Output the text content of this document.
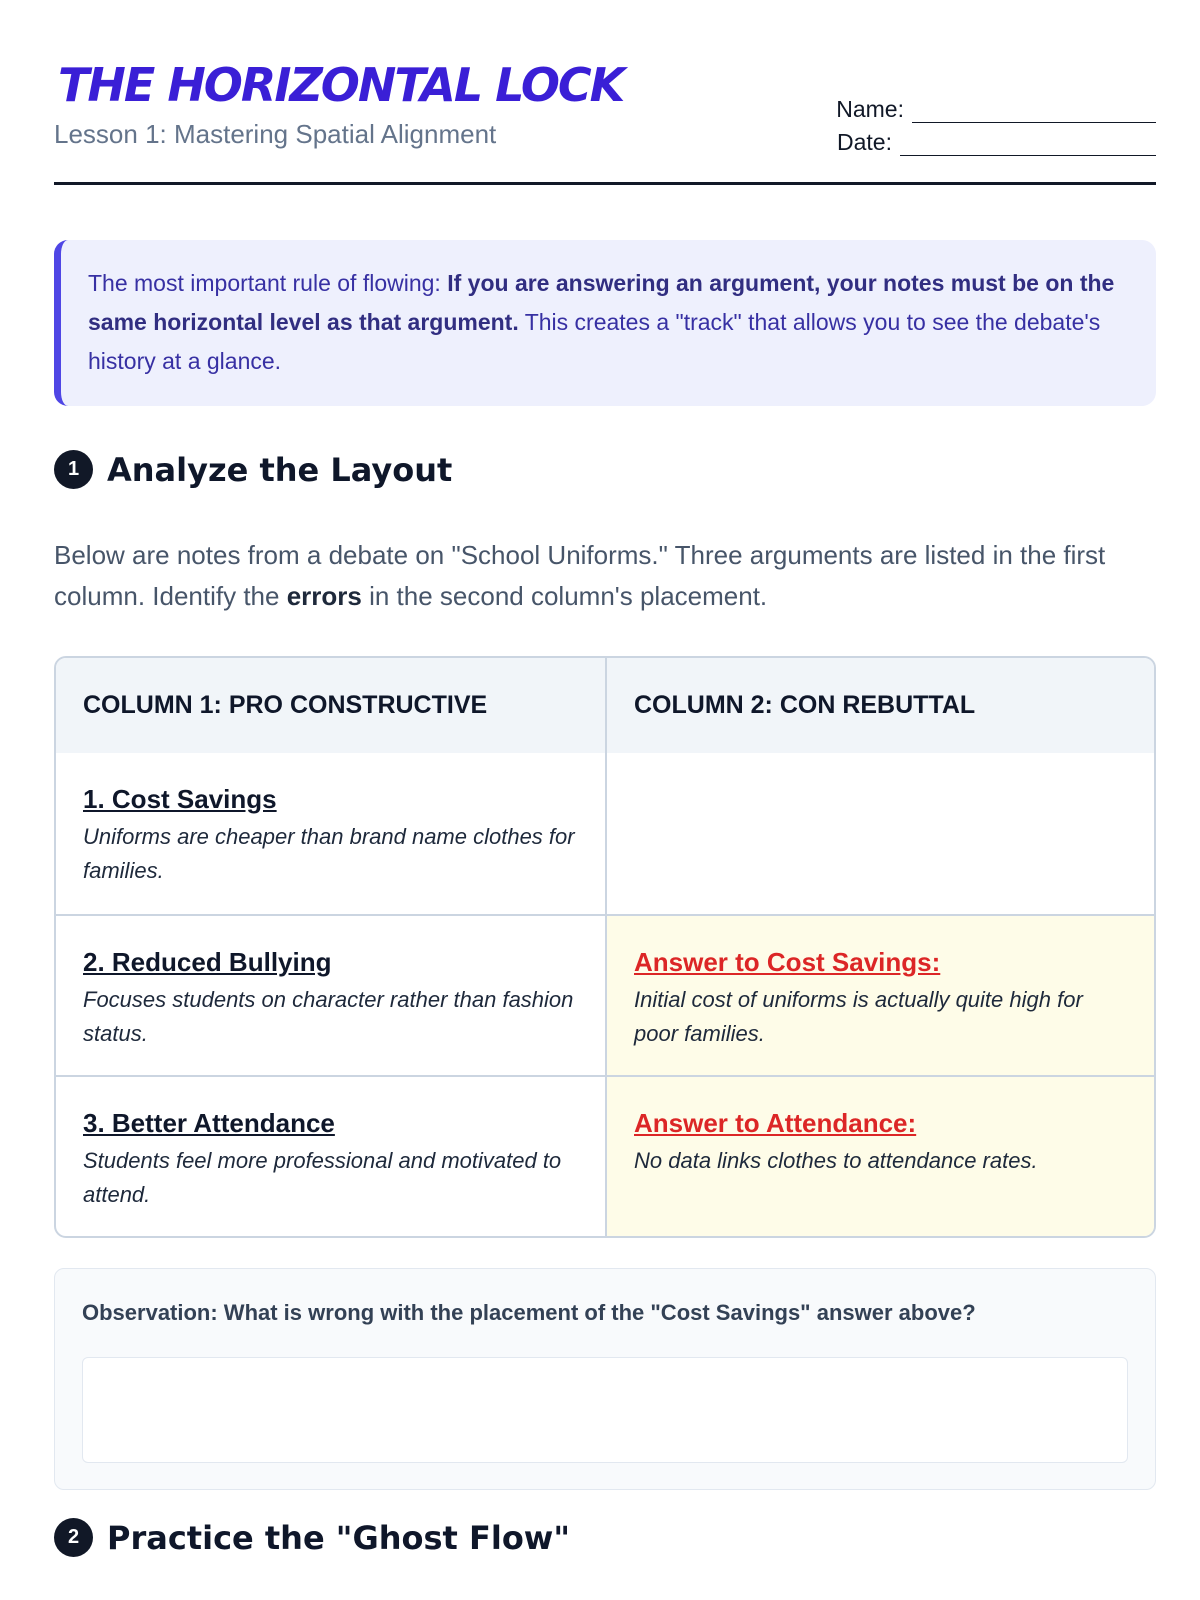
THE HORIZONTAL LOCK
Lesson 1: Mastering Spatial Alignment
Name:
Date:
The most important rule of flowing: If you are answering an argument, your notes must be on the same horizontal level as that argument. This creates a "track" that allows you to see the debate's history at a glance.
1 Analyze the Layout

Below are notes from a debate on "School Uniforms." Three arguments are listed in the first column. Identify the errors in the second column's placement.

COLUMN 1: PRO CONSTRUCTIVE	COLUMN 2: CON REBUTTAL
1. Cost Savings
Uniforms are cheaper than brand name clothes for families.
2. Reduced Bullying
Focuses students on character rather than fashion status.
Answer to Cost Savings:
Initial cost of uniforms is actually quite high for poor families.
3. Better Attendance
Students feel more professional and motivated to attend.
Answer to Attendance:
No data links clothes to attendance rates.
Observation: What is wrong with the placement of the "Cost Savings" answer above?
2 Practice the "Ghost Flow"
